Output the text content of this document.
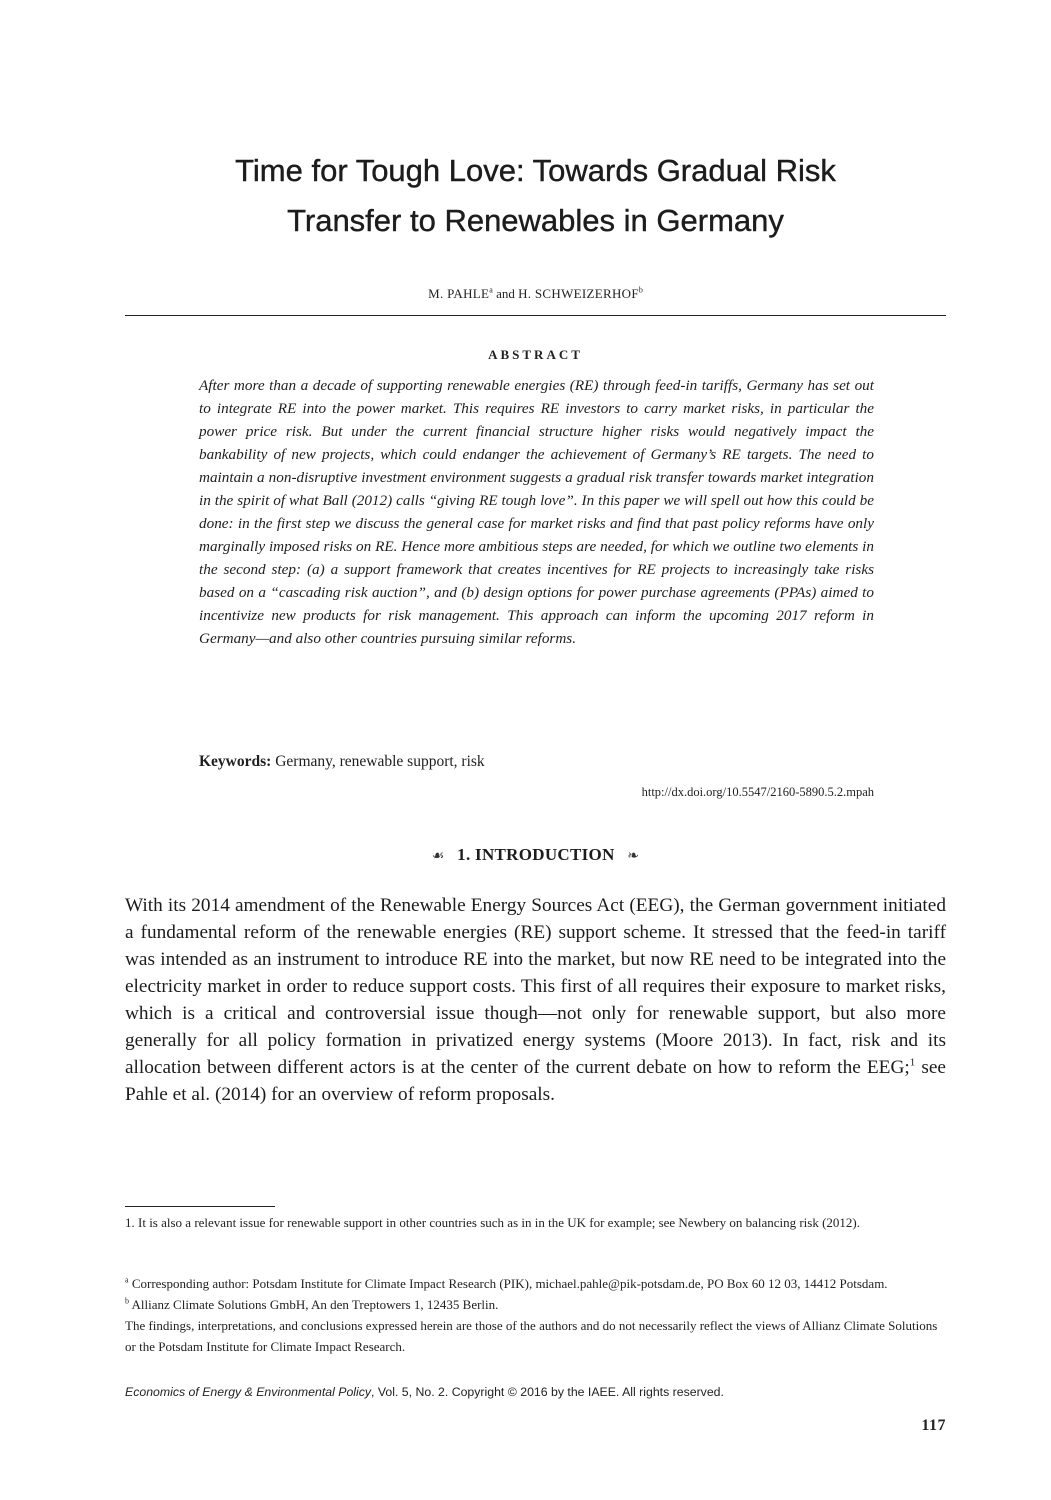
Time for Tough Love: Towards Gradual Risk
Transfer to Renewables in Germany
M. PAHLE$^a$ and H. SCHWEIZERHOF$^b$
ABSTRACT

After more than a decade of supporting renewable energies (RE) through feed-in tariffs, Germany has set out to integrate RE into the power market. This requires RE investors to carry market risks, in particular the power price risk. But under the current financial structure higher risks would negatively impact the bankability of new projects, which could endanger the achievement of Germany’s RE targets. The need to maintain a non-disruptive investment environment suggests a gradual risk transfer towards market integration in the spirit of what Ball (2012) calls “giving RE tough love”. In this paper we will spell out how this could be done: in the first step we discuss the general case for market risks and find that past policy reforms have only marginally imposed risks on RE. Hence more ambitious steps are needed, for which we outline two elements in the second step: (a) a support framework that creates incentives for RE projects to increasingly take risks based on a “cascading risk auction”, and (b) design options for power purchase agreements (PPAs) aimed to incentivize new products for risk management. This approach can inform the upcoming 2017 reform in Germany—and also other countries pursuing similar reforms.

Keywords: Germany, renewable support, risk
http://dx.doi.org/10.5547/2160-5890.5.2.mpah
☙ 1. INTRODUCTION ❧

With its 2014 amendment of the Renewable Energy Sources Act (EEG), the German government initiated a fundamental reform of the renewable energies (RE) support scheme. It stressed that the feed-in tariff was intended as an instrument to introduce RE into the market, but now RE need to be integrated into the electricity market in order to reduce support costs. This first of all requires their exposure to market risks, which is a critical and controversial issue though—not only for renewable support, but also more generally for all policy formation in privatized energy systems (Moore 2013). In fact, risk and its allocation between different actors is at the center of the current debate on how to reform the EEG;$^1$ see Pahle et al. (2014) for an overview of reform proposals.

1. It is also a relevant issue for renewable support in other countries such as in in the UK for example; see Newbery on balancing risk (2012).

$^a$ Corresponding author: Potsdam Institute for Climate Impact Research (PIK), michael.pahle@pik-potsdam.de, PO Box 60 12 03, 14412 Potsdam.

$^b$ Allianz Climate Solutions GmbH, An den Treptowers 1, 12435 Berlin.

The findings, interpretations, and conclusions expressed herein are those of the authors and do not necessarily reflect the views of Allianz Climate Solutions or the Potsdam Institute for Climate Impact Research.

Economics of Energy & Environmental Policy, Vol. 5, No. 2. Copyright © 2016 by the IAEE. All rights reserved.
117
